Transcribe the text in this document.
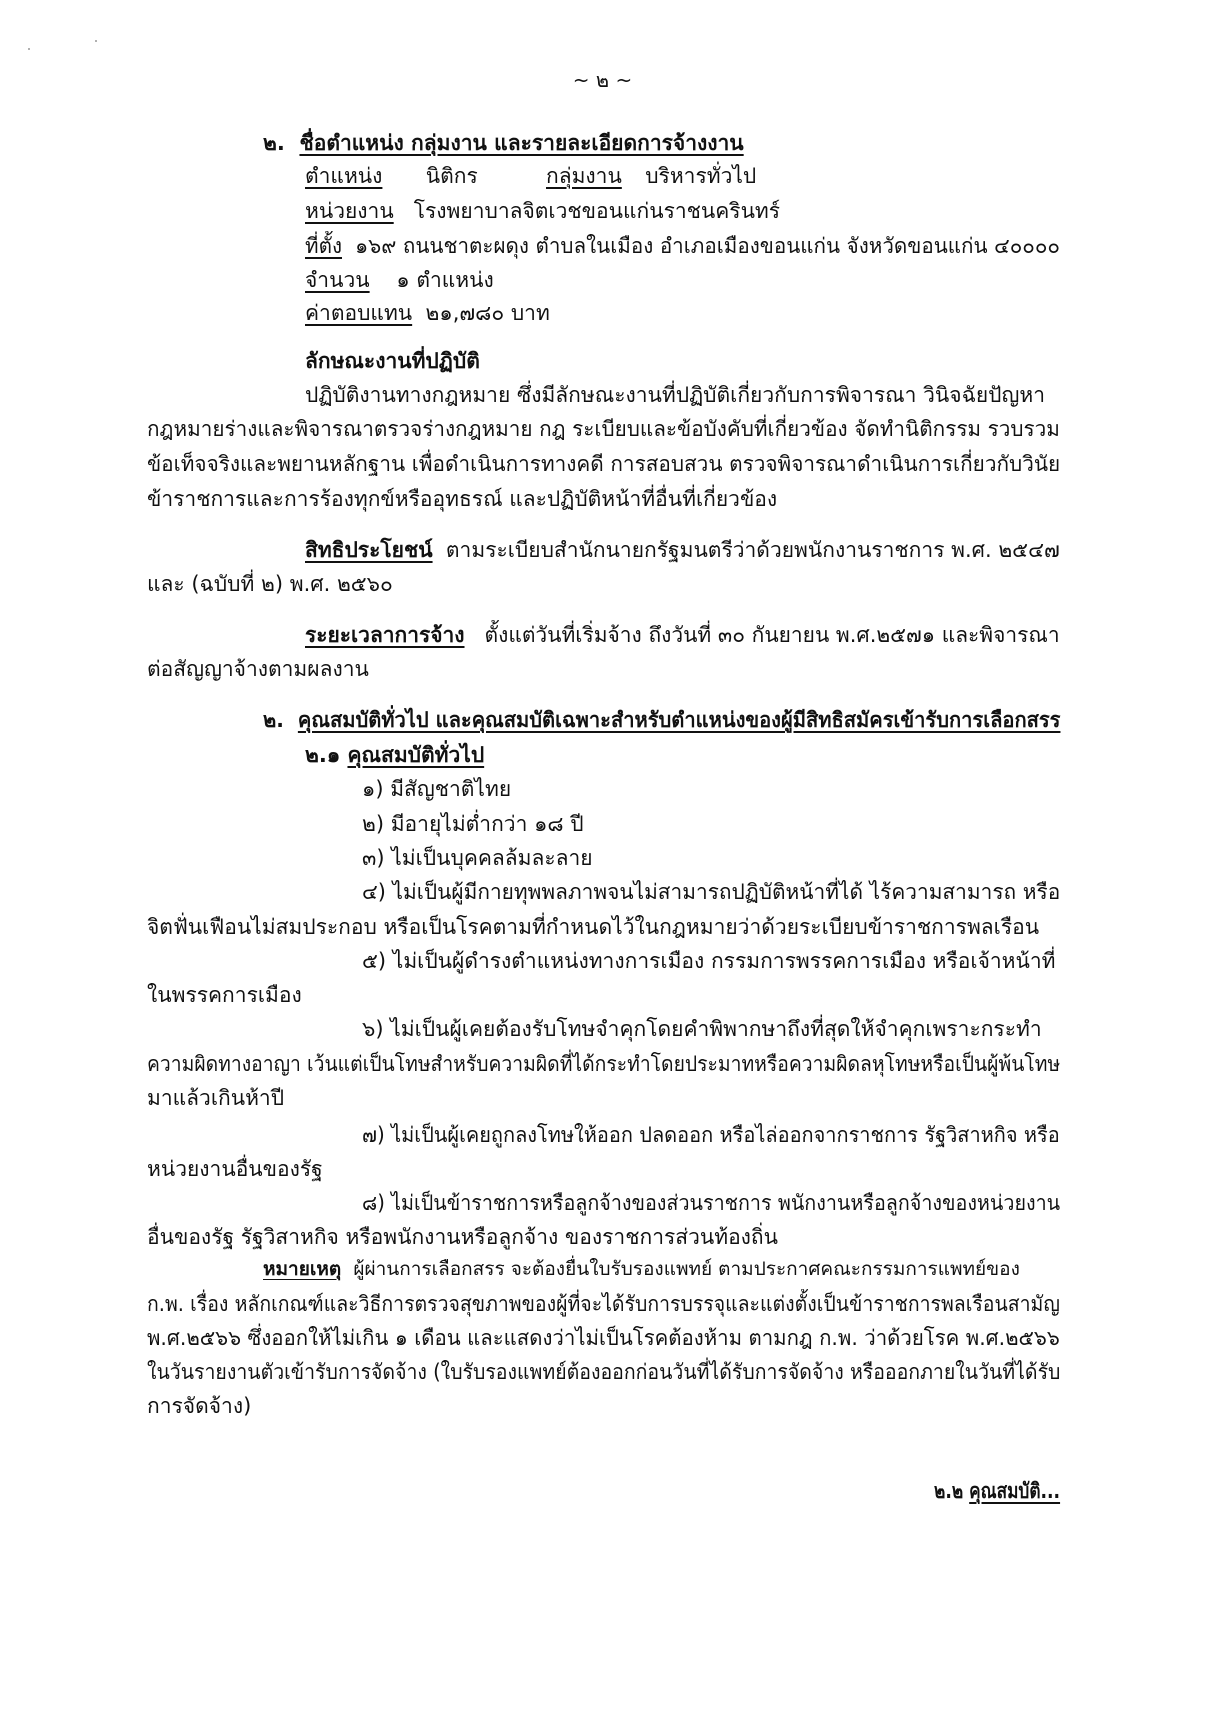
~ ๒ ~
๒. ชื่อตำแหน่ง กลุ่มงาน และรายละเอียดการจ้างงาน
ตำแหน่ง นิติกร	กลุ่มงาน บริหารทั่วไป
หน่วยงาน โรงพยาบาลจิตเวชขอนแก่นราชนครินทร์
ที่ตั้ง ๑๖๙ ถนนชาตะผดุง ตำบลในเมือง อำเภอเมืองขอนแก่น จังหวัดขอนแก่น ๔๐๐๐๐
จำนวน ๑ ตำแหน่ง
ค่าตอบแทน ๒๑,๗๘๐ บาท
ลักษณะงานที่ปฏิบัติ
ปฏิบัติงานทางกฎหมาย ซึ่งมีลักษณะงานที่ปฏิบัติเกี่ยวกับการพิจารณา วินิจฉัยปัญหา
กฎหมายร่างและพิจารณาตรวจร่างกฎหมาย กฎ ระเบียบและข้อบังคับที่เกี่ยวข้อง จัดทำนิติกรรม รวบรวม
ข้อเท็จจริงและพยานหลักฐาน เพื่อดำเนินการทางคดี การสอบสวน ตรวจพิจารณาดำเนินการเกี่ยวกับวินัย
ข้าราชการและการร้องทุกข์หรืออุทธรณ์ และปฏิบัติหน้าที่อื่นที่เกี่ยวข้อง
สิทธิประโยชน์ ตามระเบียบสำนักนายกรัฐมนตรีว่าด้วยพนักงานราชการ พ.ศ. ๒๕๔๗
และ (ฉบับที่ ๒) พ.ศ. ๒๕๖๐
ระยะเวลาการจ้าง ตั้งแต่วันที่เริ่มจ้าง ถึงวันที่ ๓๐ กันยายน พ.ศ.๒๕๗๑ และพิจารณา
ต่อสัญญาจ้างตามผลงาน
๒. คุณสมบัติทั่วไป และคุณสมบัติเฉพาะสำหรับตำแหน่งของผู้มีสิทธิสมัครเข้ารับการเลือกสรร
๒.๑ คุณสมบัติทั่วไป
๑) มีสัญชาติไทย
๒) มีอายุไม่ต่ำกว่า ๑๘ ปี
๓) ไม่เป็นบุคคลล้มละลาย
๔) ไม่เป็นผู้มีกายทุพพลภาพจนไม่สามารถปฏิบัติหน้าที่ได้ ไร้ความสามารถ หรือ
จิตฟั่นเฟือนไม่สมประกอบ หรือเป็นโรคตามที่กำหนดไว้ในกฎหมายว่าด้วยระเบียบข้าราชการพลเรือน
๕) ไม่เป็นผู้ดำรงตำแหน่งทางการเมือง กรรมการพรรคการเมือง หรือเจ้าหน้าที่
ในพรรคการเมือง
๖) ไม่เป็นผู้เคยต้องรับโทษจำคุกโดยคำพิพากษาถึงที่สุดให้จำคุกเพราะกระทำ
ความผิดทางอาญา เว้นแต่เป็นโทษสำหรับความผิดที่ได้กระทำโดยประมาทหรือความผิดลหุโทษหรือเป็นผู้พ้นโทษ
มาแล้วเกินห้าปี
๗) ไม่เป็นผู้เคยถูกลงโทษให้ออก ปลดออก หรือไล่ออกจากราชการ รัฐวิสาหกิจ หรือ
หน่วยงานอื่นของรัฐ
๘) ไม่เป็นข้าราชการหรือลูกจ้างของส่วนราชการ พนักงานหรือลูกจ้างของหน่วยงาน
อื่นของรัฐ รัฐวิสาหกิจ หรือพนักงานหรือลูกจ้าง ของราชการส่วนท้องถิ่น
หมายเหตุ ผู้ผ่านการเลือกสรร จะต้องยื่นใบรับรองแพทย์ ตามประกาศคณะกรรมการแพทย์ของ
ก.พ. เรื่อง หลักเกณฑ์และวิธีการตรวจสุขภาพของผู้ที่จะได้รับการบรรจุและแต่งตั้งเป็นข้าราชการพลเรือนสามัญ
พ.ศ.๒๕๖๖ ซึ่งออกให้ไม่เกิน ๑ เดือน และแสดงว่าไม่เป็นโรคต้องห้าม ตามกฎ ก.พ. ว่าด้วยโรค พ.ศ.๒๕๖๖
ในวันรายงานตัวเข้ารับการจัดจ้าง (ใบรับรองแพทย์ต้องออกก่อนวันที่ได้รับการจัดจ้าง หรือออกภายในวันที่ได้รับ
การจัดจ้าง)
๒.๒ คุณสมบัติ...
